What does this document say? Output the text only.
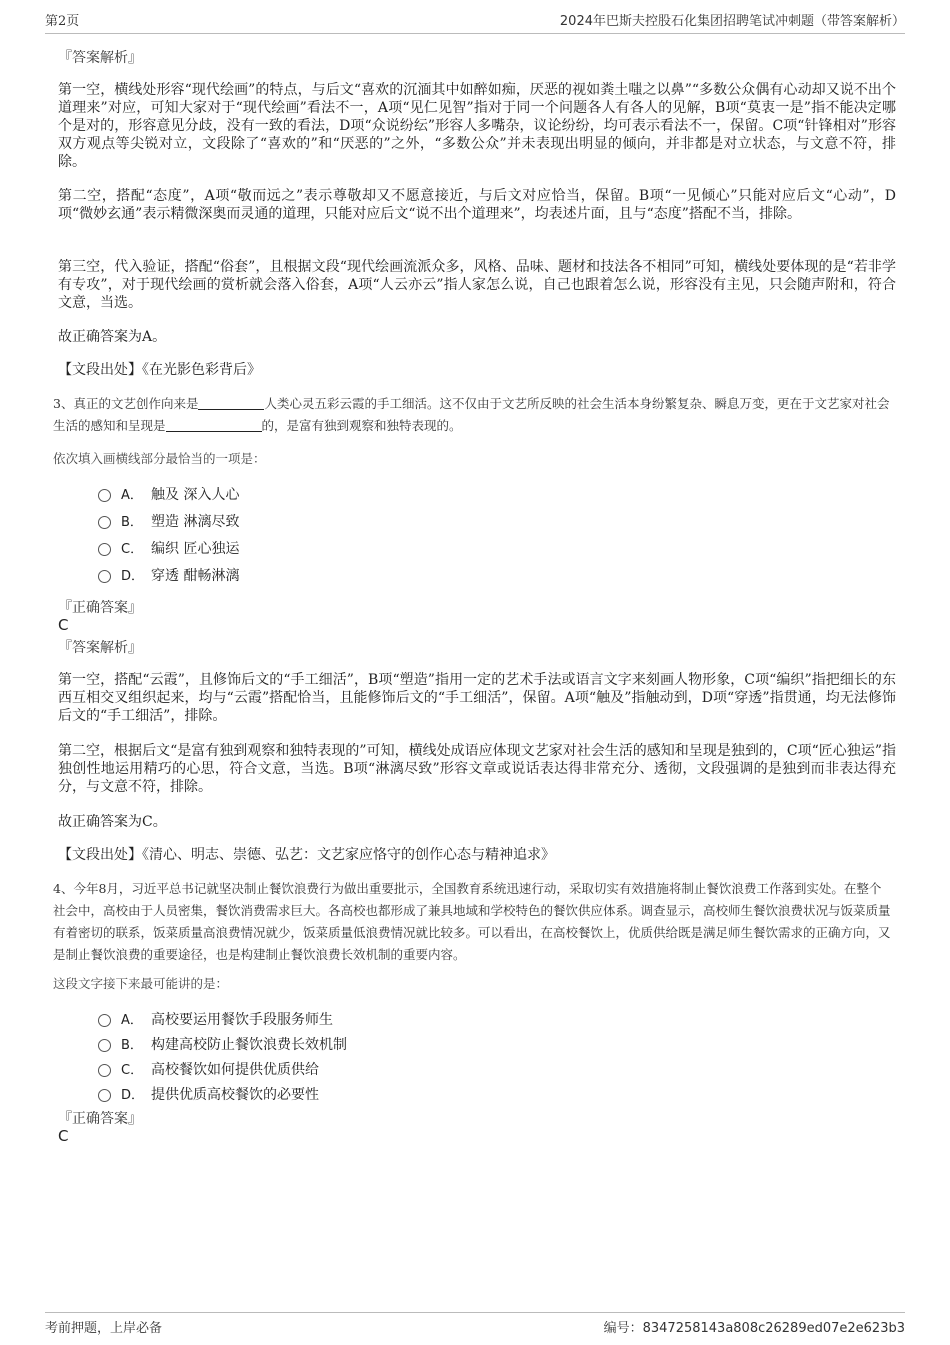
第2页	2024年巴斯夫控股石化集团招聘笔试冲刺题（带答案解析）
『答案解析』
第一空，横线处形容“现代绘画”的特点，与后文“喜欢的沉湎其中如醉如痴，厌恶的视如粪土嗤之以鼻”“多数公众偶有心动却又说不出个道理来”对应，可知大家对于“现代绘画”看法不一，A项“见仁见智”指对于同一个问题各人有各人的见解，B项“莫衷一是”指不能决定哪个是对的，形容意见分歧，没有一致的看法，D项“众说纷纭”形容人多嘴杂，议论纷纷，均可表示看法不一，保留。C项“针锋相对”形容双方观点等尖锐对立，文段除了“喜欢的”和“厌恶的”之外，“多数公众”并未表现出明显的倾向，并非都是对立状态，与文意不符，排除。
第二空，搭配“态度”，A项“敬而远之”表示尊敬却又不愿意接近，与后文对应恰当，保留。B项“一见倾心”只能对应后文“心动”，D项“微妙玄通”表示精微深奥而灵通的道理，只能对应后文“说不出个道理来”，均表述片面，且与“态度”搭配不当，排除。
第三空，代入验证，搭配“俗套”，且根据文段“现代绘画流派众多，风格、品味、题材和技法各不相同”可知，横线处要体现的是“若非学有专攻”，对于现代绘画的赏析就会落入俗套，A项“人云亦云”指人家怎么说，自己也跟着怎么说，形容没有主见，只会随声附和，符合文意，当选。
故正确答案为A。
【文段出处】《在光影色彩背后》
3、真正的文艺创作向来是	人类心灵五彩云霞的手工细活。这不仅由于文艺所反映的社会生活本身纷繁复杂、瞬息万变，更在于文艺家对社会生活的感知和呈现是	的，是富有独到观察和独特表现的。
依次填入画横线部分最恰当的一项是：
A． 触及 深入人心
B． 塑造 淋漓尽致
C． 编织 匠心独运
D． 穿透 酣畅淋漓
『正确答案』
C
『答案解析』
第一空，搭配“云霞”，且修饰后文的“手工细活”，B项“塑造”指用一定的艺术手法或语言文字来刻画人物形象，C项“编织”指把细长的东西互相交叉组织起来，均与“云霞”搭配恰当，且能修饰后文的“手工细活”，保留。A项“触及”指触动到，D项“穿透”指贯通，均无法修饰后文的“手工细活”，排除。
第二空，根据后文“是富有独到观察和独特表现的”可知，横线处成语应体现文艺家对社会生活的感知和呈现是独到的，C项“匠心独运”指独创性地运用精巧的心思，符合文意，当选。B项“淋漓尽致”形容文章或说话表达得非常充分、透彻，文段强调的是独到而非表达得充分，与文意不符，排除。
故正确答案为C。
【文段出处】《清心、明志、崇德、弘艺：文艺家应恪守的创作心态与精神追求》
4、今年8月，习近平总书记就坚决制止餐饮浪费行为做出重要批示，全国教育系统迅速行动，采取切实有效措施将制止餐饮浪费工作落到实处。在整个社会中，高校由于人员密集，餐饮消费需求巨大。各高校也都形成了兼具地域和学校特色的餐饮供应体系。调查显示，高校师生餐饮浪费状况与饭菜质量有着密切的联系，饭菜质量高浪费情况就少，饭菜质量低浪费情况就比较多。可以看出，在高校餐饮上，优质供给既是满足师生餐饮需求的正确方向，又是制止餐饮浪费的重要途径，也是构建制止餐饮浪费长效机制的重要内容。
这段文字接下来最可能讲的是：
A． 高校要运用餐饮手段服务师生
B． 构建高校防止餐饮浪费长效机制
C． 高校餐饮如何提供优质供给
D． 提供优质高校餐饮的必要性
『正确答案』
C
考前押题，上岸必备	编号：8347258143a808c26289ed07e2e623b3
